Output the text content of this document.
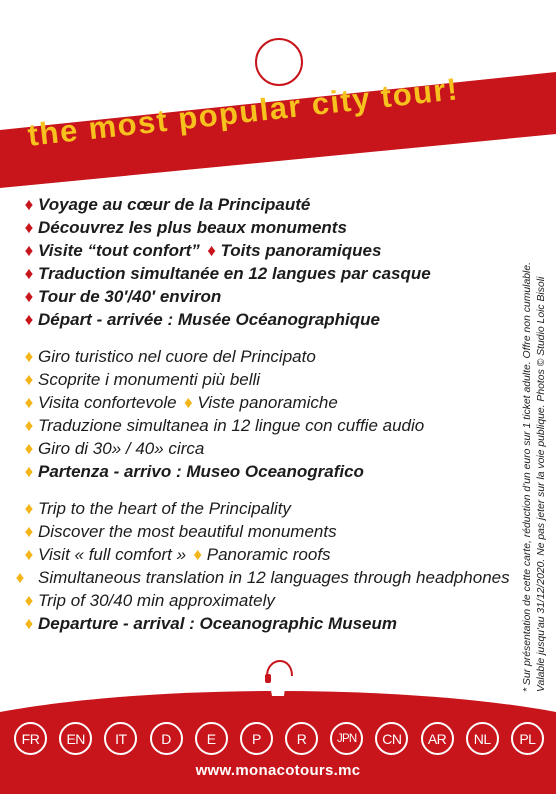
the most popular city tour!
♦ Voyage au cœur de la Principauté
♦ Découvrez les plus beaux monuments
♦ Visite “tout confort” ♦ Toits panoramiques
♦ Traduction simultanée en 12 langues par casque
♦ Tour de 30′/40′ environ
♦ Départ - arrivée : Musée Océanographique
♦ Giro turistico nel cuore del Principato
♦ Scoprite i monumenti più belli
♦ Visita confortevole ♦ Viste panoramiche
♦ Traduzione simultanea in 12 lingue con cuffie audio
♦ Giro di 30» / 40» circa
♦ Partenza - arrivo : Museo Oceanografico
♦ Trip to the heart of the Principality
♦ Discover the most beautiful monuments
♦ Visit « full comfort » ♦ Panoramic roofs
♦ Simultaneous translation in 12 languages through headphones
♦ Trip of 30/40 min approximately
♦ Departure - arrival : Oceanographic Museum	* Sur présentation de cette carte, réduction d'un euro sur 1 ticket adulte. Offre non cumulable. Valable jusqu'au 31/12/2020. Ne pas jeter sur la voie publique. Photos © Studio Loic Bisoli
FR	EN	IT	D	E	P	R	JPN	CN	AR	NL	PL
www.monacotours.mc
